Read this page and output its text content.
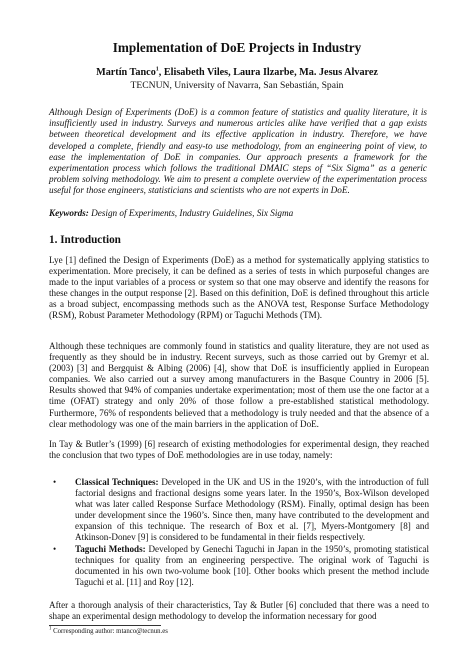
Implementation of DoE Projects in Industry
Martín Tanco$^1$, Elisabeth Viles, Laura Ilzarbe, Ma. Jesus Alvarez
TECNUN, University of Navarra, San Sebastián, Spain

Although Design of Experiments (DoE) is a common feature of statistics and quality literature, it is insufficiently used in industry. Surveys and numerous articles alike have verified that a gap exists between theoretical development and its effective application in industry. Therefore, we have developed a complete, friendly and easy-to use methodology, from an engineering point of view, to ease the implementation of DoE in companies. Our approach presents a framework for the experimentation process which follows the traditional DMAIC steps of “Six Sigma” as a generic problem solving methodology. We aim to present a complete overview of the experimentation process useful for those engineers, statisticians and scientists who are not experts in DoE.

Keywords: Design of Experiments, Industry Guidelines, Six Sigma

1. Introduction

Lye [1] defined the Design of Experiments (DoE) as a method for systematically applying statistics to experimentation. More precisely, it can be defined as a series of tests in which purposeful changes are made to the input variables of a process or system so that one may observe and identify the reasons for these changes in the output response [2]. Based on this definition, DoE is defined throughout this article as a broad subject, encompassing methods such as the ANOVA test, Response Surface Methodology (RSM), Robust Parameter Methodology (RPM) or Taguchi Methods (TM).

Although these techniques are commonly found in statistics and quality literature, they are not used as frequently as they should be in industry. Recent surveys, such as those carried out by Gremyr et al. (2003) [3] and Bergquist & Albing (2006) [4], show that DoE is insufficiently applied in European companies. We also carried out a survey among manufacturers in the Basque Country in 2006 [5]. Results showed that 94% of companies undertake experimentation; most of them use the one factor at a time (OFAT) strategy and only 20% of those follow a pre-established statistical methodology. Furthermore, 76% of respondents believed that a methodology is truly needed and that the absence of a clear methodology was one of the main barriers in the application of DoE.

In Tay & Butler’s (1999) [6] research of existing methodologies for experimental design, they reached the conclusion that two types of DoE methodologies are in use today, namely:

• Classical Techniques: Developed in the UK and US in the 1920’s, with the introduction of full factorial designs and fractional designs some years later. In the 1950’s, Box-Wilson developed what was later called Response Surface Methodology (RSM). Finally, optimal design has been under development since the 1960’s. Since then, many have contributed to the development and expansion of this technique. The research of Box et al. [7], Myers-Montgomery [8] and Atkinson-Donev [9] is considered to be fundamental in their fields respectively.
• Taguchi Methods: Developed by Genechi Taguchi in Japan in the 1950’s, promoting statistical techniques for quality from an engineering perspective. The original work of Taguchi is documented in his own two-volume book [10]. Other books which present the method include Taguchi et al. [11] and Roy [12].

After a thorough analysis of their characteristics, Tay & Butler [6] concluded that there was a need to shape an experimental design methodology to develop the information necessary for good

$^1$ Corresponding author: mtanco@tecnun.es
